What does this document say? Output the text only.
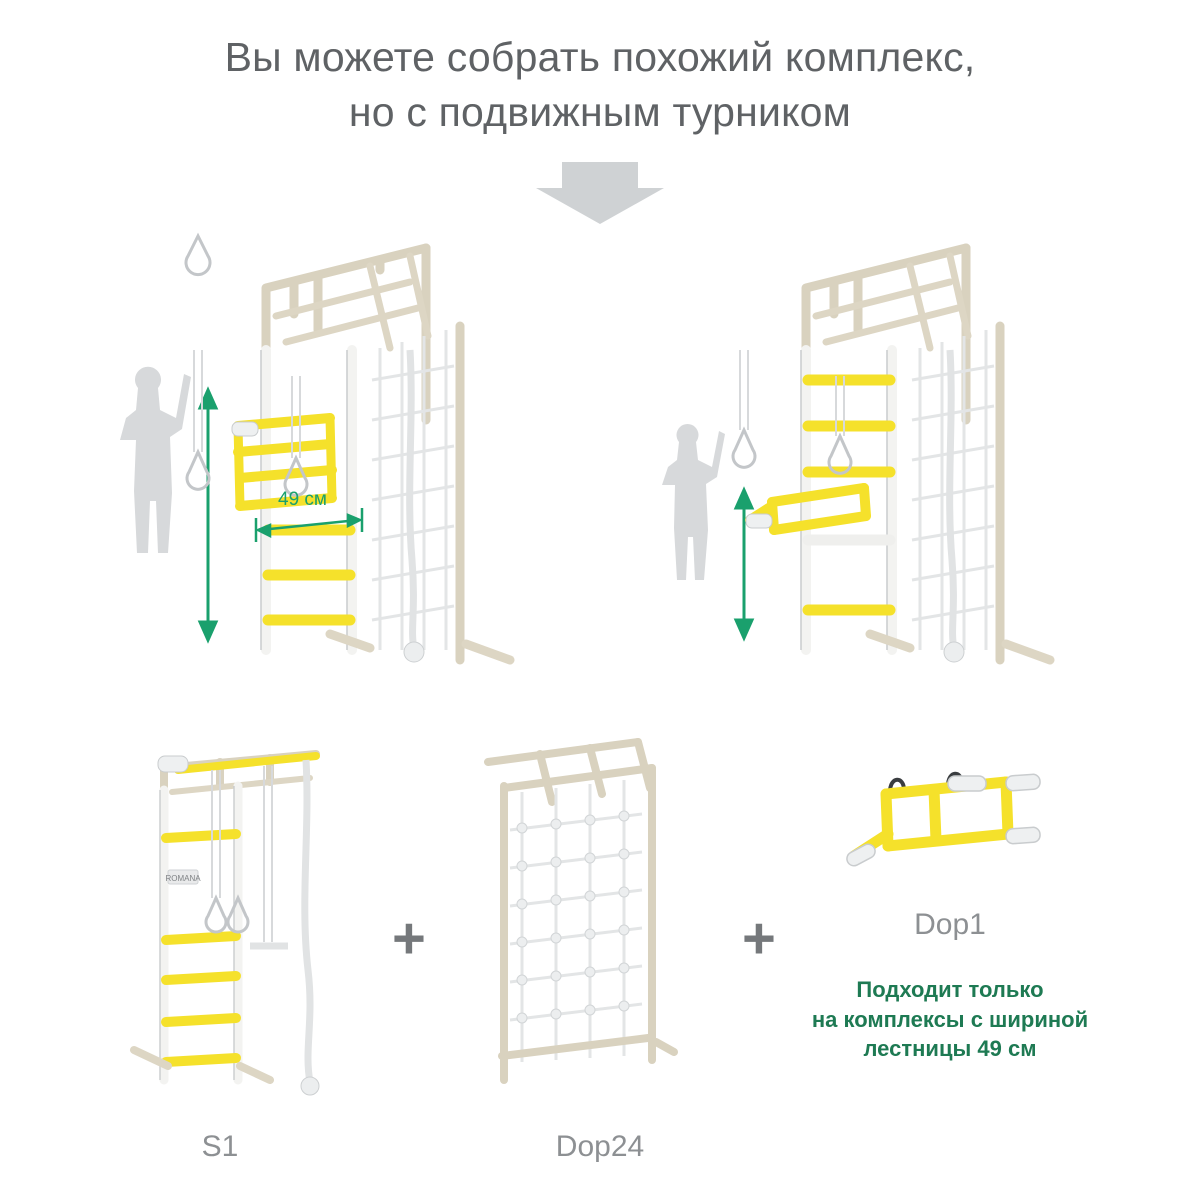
Вы можете собрать похожий комплекс,
но с подвижным турником
49 см
ROMANA
S1
+
Dop24
+	Dop1
Подходит только
на комплексы с шириной
лестницы 49 см
